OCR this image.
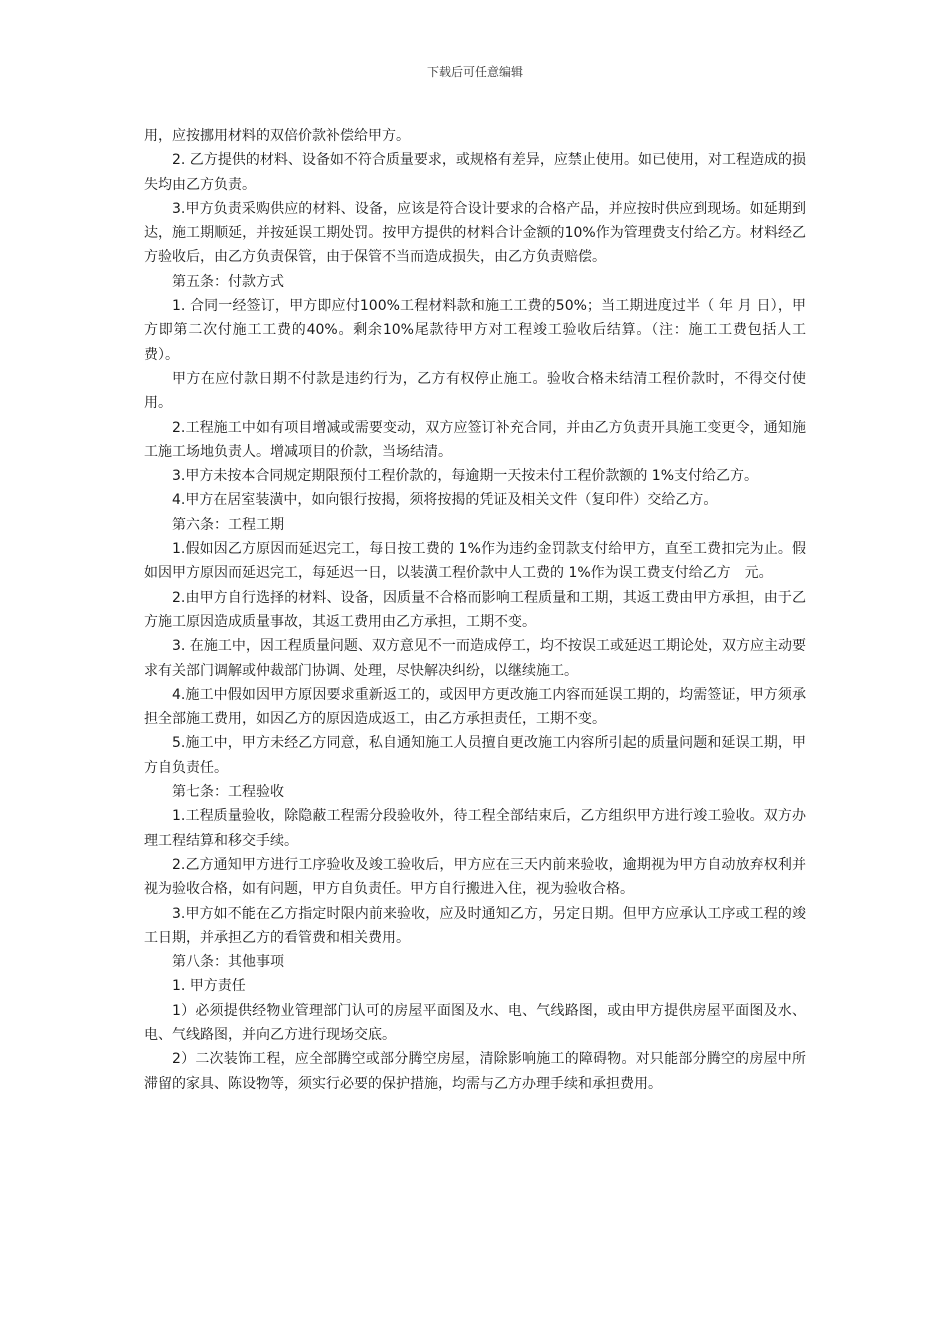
下载后可任意编辑

用，应按挪用材料的双倍价款补偿给甲方。

2. 乙方提供的材料、设备如不符合质量要求，或规格有差异，应禁止使用。如已使用，对工程造成的损失均由乙方负责。

3.甲方负责采购供应的材料、设备，应该是符合设计要求的合格产品，并应按时供应到现场。如延期到达，施工期顺延，并按延误工期处罚。按甲方提供的材料合计金额的10%作为管理费支付给乙方。材料经乙方验收后，由乙方负责保管，由于保管不当而造成损失，由乙方负责赔偿。

第五条：付款方式

1. 合同一经签订，甲方即应付100%工程材料款和施工工费的50%；当工期进度过半（ 年 月 日），甲方即第二次付施工工费的40%。剩余10%尾款待甲方对工程竣工验收后结算。（注：施工工费包括人工费）。

甲方在应付款日期不付款是违约行为，乙方有权停止施工。验收合格未结清工程价款时，不得交付使用。

2.工程施工中如有项目增减或需要变动，双方应签订补充合同，并由乙方负责开具施工变更令，通知施工施工场地负责人。增减项目的价款，当场结清。

3.甲方未按本合同规定期限预付工程价款的，每逾期一天按未付工程价款额的 1%支付给乙方。

4.甲方在居室装潢中，如向银行按揭，须将按揭的凭证及相关文件（复印件）交给乙方。

第六条：工程工期

1.假如因乙方原因而延迟完工，每日按工费的 1%作为违约金罚款支付给甲方，直至工费扣完为止。假如因甲方原因而延迟完工，每延迟一日，以装潢工程价款中人工费的 1%作为误工费支付给乙方　元。

2.由甲方自行选择的材料、设备，因质量不合格而影响工程质量和工期，其返工费由甲方承担，由于乙方施工原因造成质量事故，其返工费用由乙方承担，工期不变。

3. 在施工中，因工程质量问题、双方意见不一而造成停工，均不按误工或延迟工期论处，双方应主动要求有关部门调解或仲裁部门协调、处理，尽快解决纠纷，以继续施工。

4.施工中假如因甲方原因要求重新返工的，或因甲方更改施工内容而延误工期的，均需签证，甲方须承担全部施工费用，如因乙方的原因造成返工，由乙方承担责任，工期不变。

5.施工中，甲方未经乙方同意，私自通知施工人员擅自更改施工内容所引起的质量问题和延误工期，甲方自负责任。

第七条：工程验收

1.工程质量验收，除隐蔽工程需分段验收外，待工程全部结束后，乙方组织甲方进行竣工验收。双方办理工程结算和移交手续。

2.乙方通知甲方进行工序验收及竣工验收后，甲方应在三天内前来验收，逾期视为甲方自动放弃权利并视为验收合格，如有问题，甲方自负责任。甲方自行搬进入住，视为验收合格。

3.甲方如不能在乙方指定时限内前来验收，应及时通知乙方，另定日期。但甲方应承认工序或工程的竣工日期，并承担乙方的看管费和相关费用。

第八条：其他事项

1. 甲方责任

1）必须提供经物业管理部门认可的房屋平面图及水、电、气线路图，或由甲方提供房屋平面图及水、电、气线路图，并向乙方进行现场交底。

2）二次装饰工程，应全部腾空或部分腾空房屋，清除影响施工的障碍物。对只能部分腾空的房屋中所滞留的家具、陈设物等，须实行必要的保护措施，均需与乙方办理手续和承担费用。
